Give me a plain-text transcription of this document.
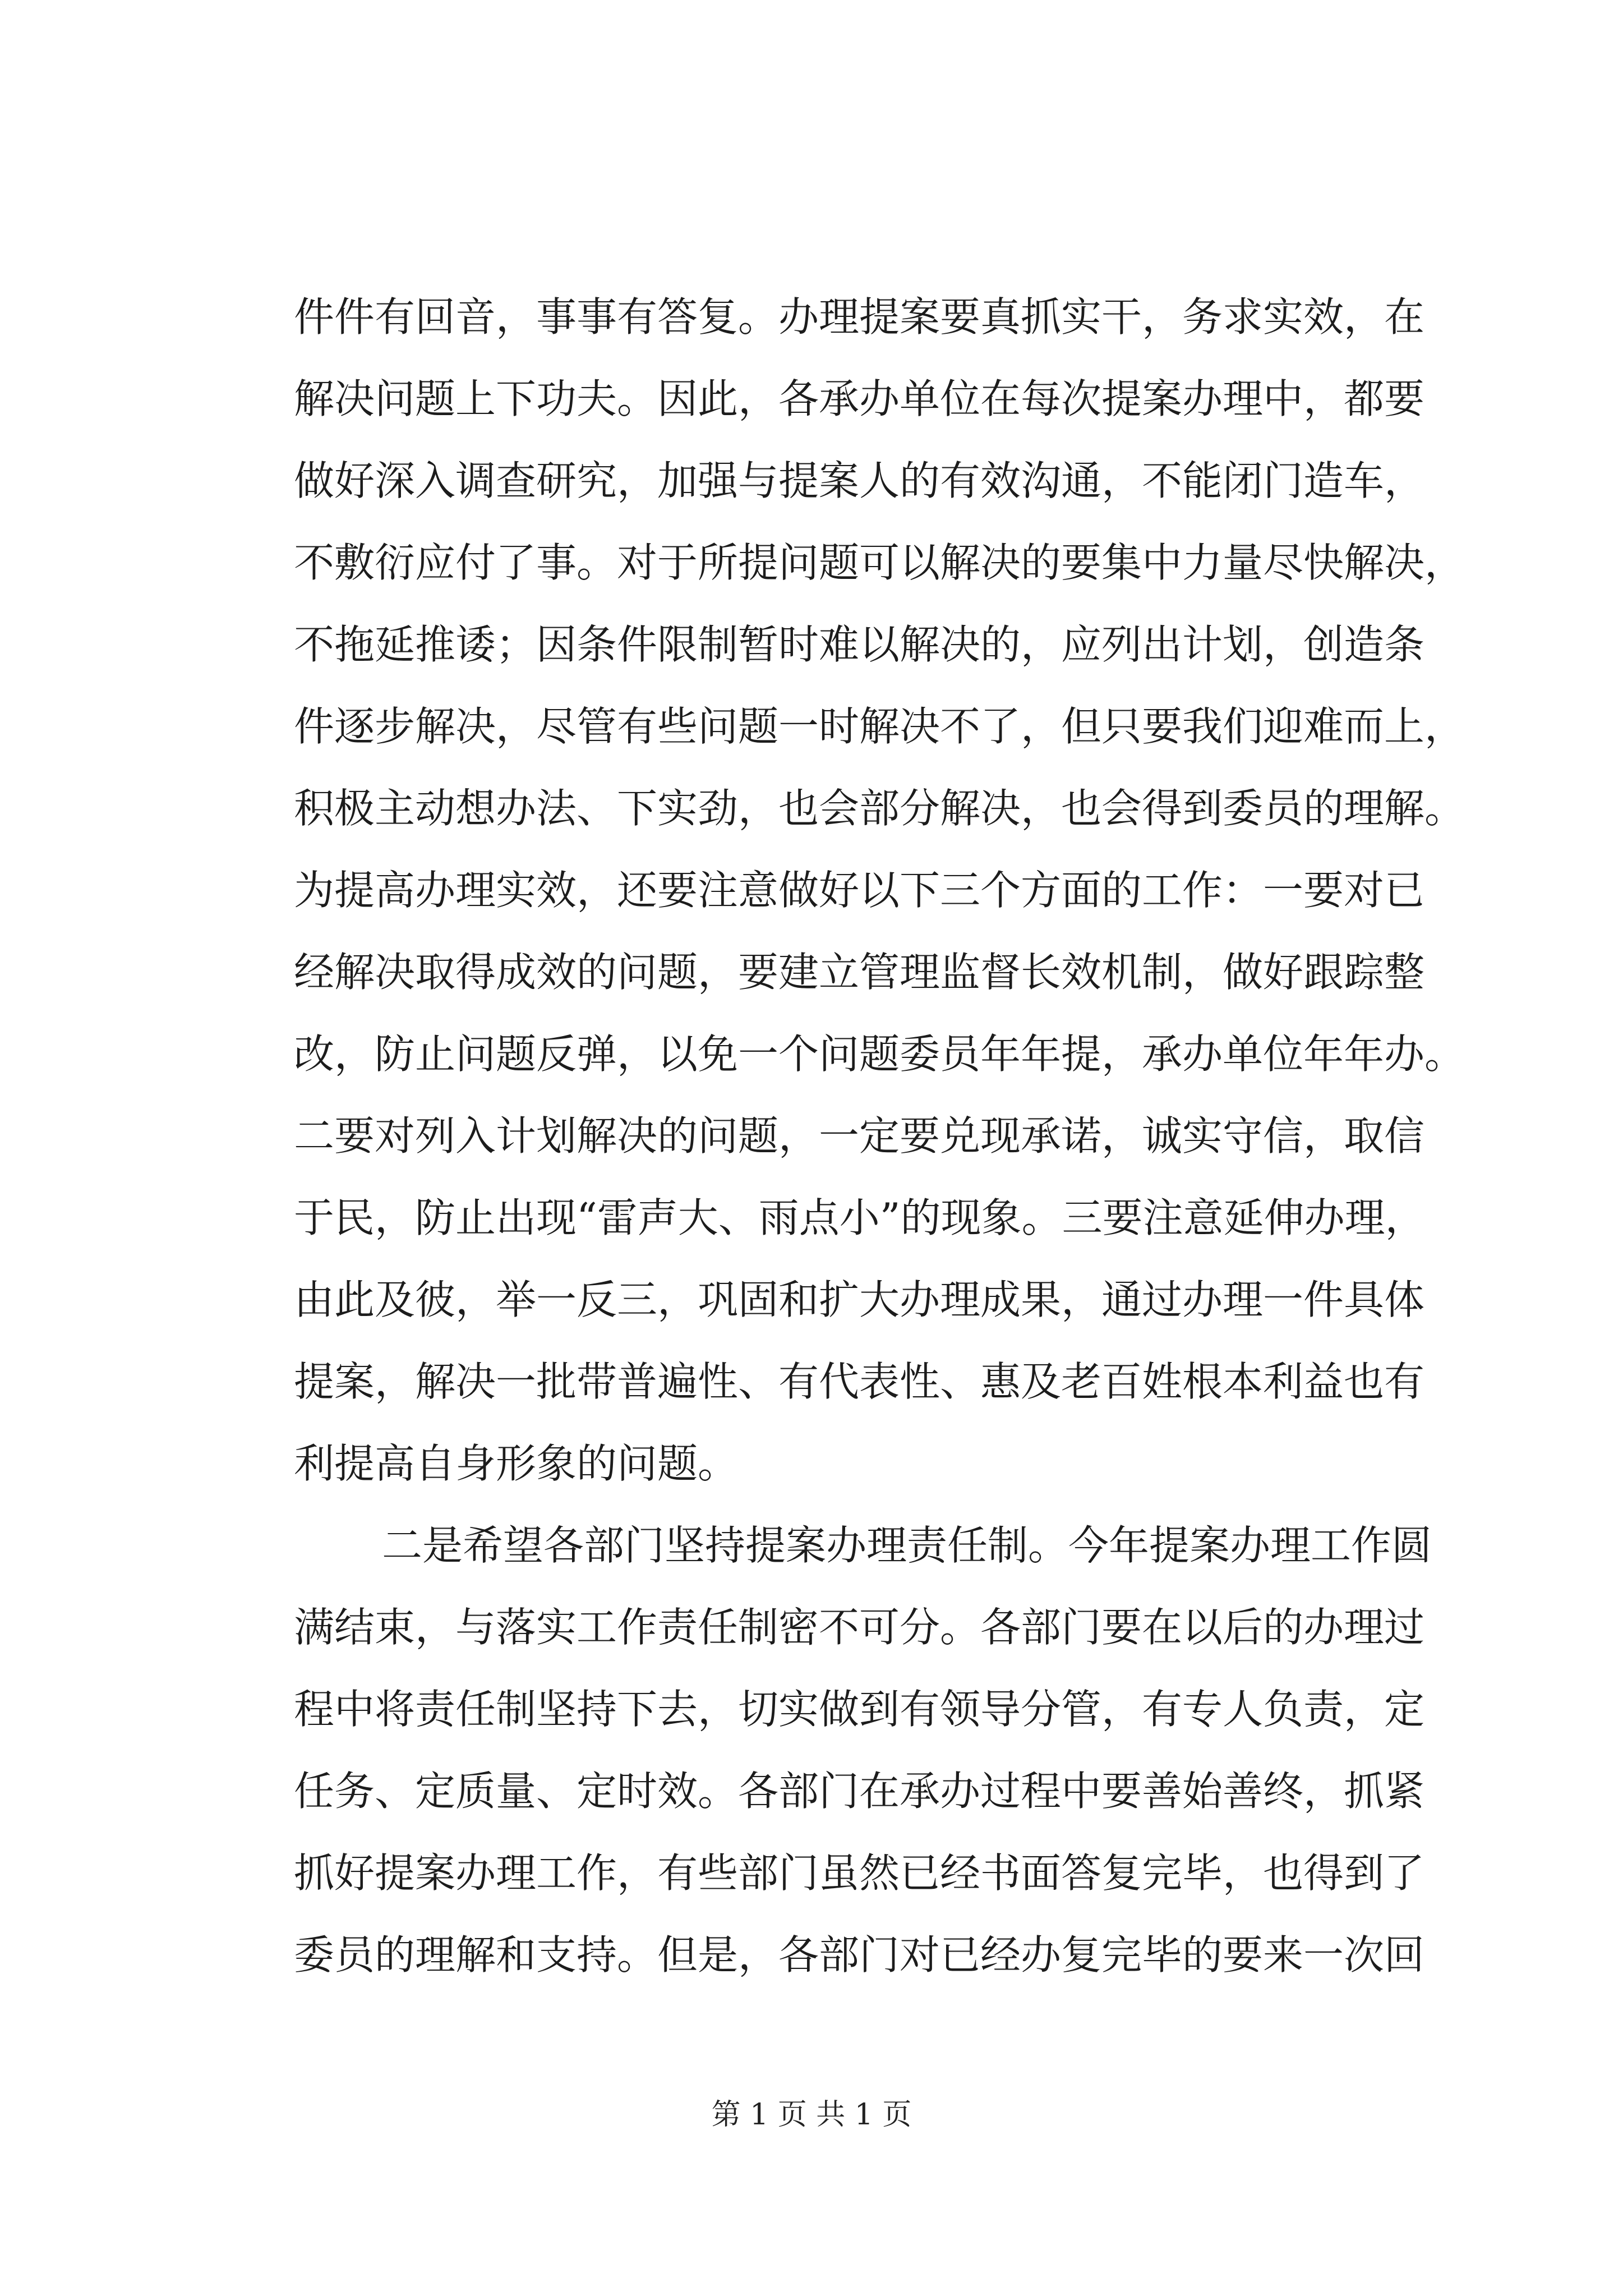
件件有回音，事事有答复。办理提案要真抓实干，务求实效，在
解决问题上下功夫。因此，各承办单位在每次提案办理中，都要
做好深入调查研究，加强与提案人的有效沟通，不能闭门造车，
不敷衍应付了事。对于所提问题可以解决的要集中力量尽快解决，
不拖延推诿；因条件限制暂时难以解决的，应列出计划，创造条
件逐步解决，尽管有些问题一时解决不了，但只要我们迎难而上，
积极主动想办法、下实劲，也会部分解决，也会得到委员的理解。
为提高办理实效，还要注意做好以下三个方面的工作：一要对已
经解决取得成效的问题，要建立管理监督长效机制，做好跟踪整
改，防止问题反弹，以免一个问题委员年年提，承办单位年年办。
二要对列入计划解决的问题，一定要兑现承诺，诚实守信，取信
于民，防止出现“雷声大、雨点小”的现象。三要注意延伸办理，
由此及彼，举一反三，巩固和扩大办理成果，通过办理一件具体
提案，解决一批带普遍性、有代表性、惠及老百姓根本利益也有
利提高自身形象的问题。
二是希望各部门坚持提案办理责任制。今年提案办理工作圆
满结束，与落实工作责任制密不可分。各部门要在以后的办理过
程中将责任制坚持下去，切实做到有领导分管，有专人负责，定
任务、定质量、定时效。各部门在承办过程中要善始善终，抓紧
抓好提案办理工作，有些部门虽然已经书面答复完毕，也得到了
委员的理解和支持。但是，各部门对已经办复完毕的要来一次回
第 1 页 共 1 页
